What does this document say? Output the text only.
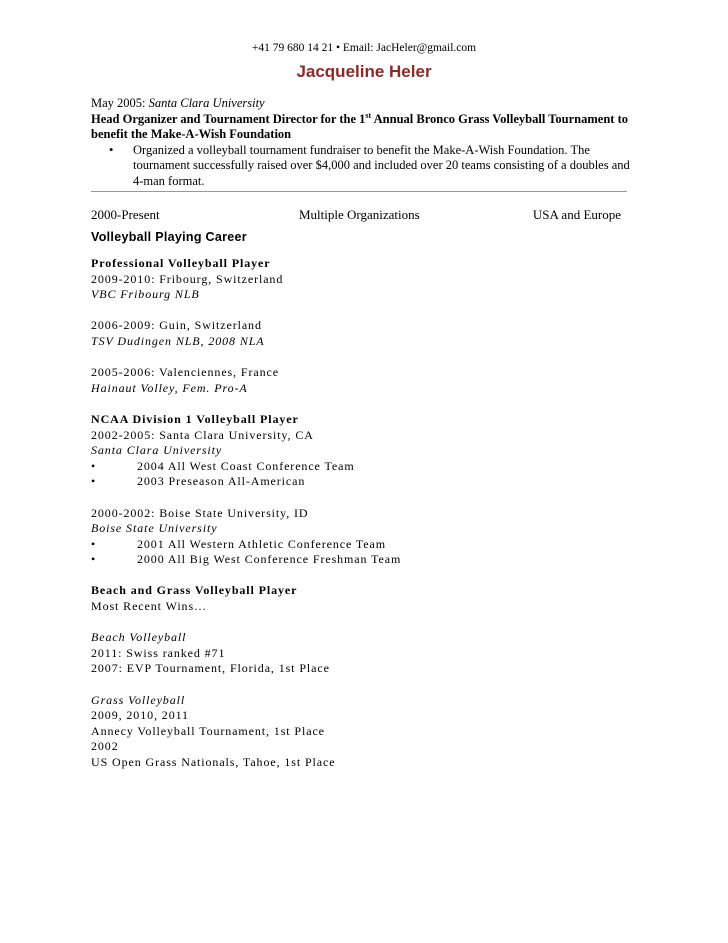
+41 79 680 14 21 • Email: JacHeler@gmail.com
Jacqueline Heler
May 2005: Santa Clara University
Head Organizer and Tournament Director for the 1st Annual Bronco Grass Volleyball Tournament to benefit the Make-A-Wish Foundation
•	Organized a volleyball tournament fundraiser to benefit the Make-A-Wish Foundation. The tournament successfully raised over $4,000 and included over 20 teams consisting of a doubles and 4-man format.
2000-Present	Multiple Organizations	USA and Europe
Volleyball Playing Career
Professional Volleyball Player
2009-2010: Fribourg, Switzerland
VBC Fribourg NLB
2006-2009: Guin, Switzerland
TSV Dudingen NLB, 2008 NLA
2005-2006: Valenciennes, France
Hainaut Volley, Fem. Pro-A
NCAA Division 1 Volleyball Player
2002-2005: Santa Clara University, CA
Santa Clara University
•	2004 All West Coast Conference Team
•	2003 Preseason All-American
2000-2002: Boise State University, ID
Boise State University
•	2001 All Western Athletic Conference Team
•	2000 All Big West Conference Freshman Team
Beach and Grass Volleyball Player
Most Recent Wins…
Beach Volleyball
2011: Swiss ranked #71
2007: EVP Tournament, Florida, 1st Place
Grass Volleyball
2009, 2010, 2011
Annecy Volleyball Tournament, 1st Place
2002
US Open Grass Nationals, Tahoe, 1st Place
